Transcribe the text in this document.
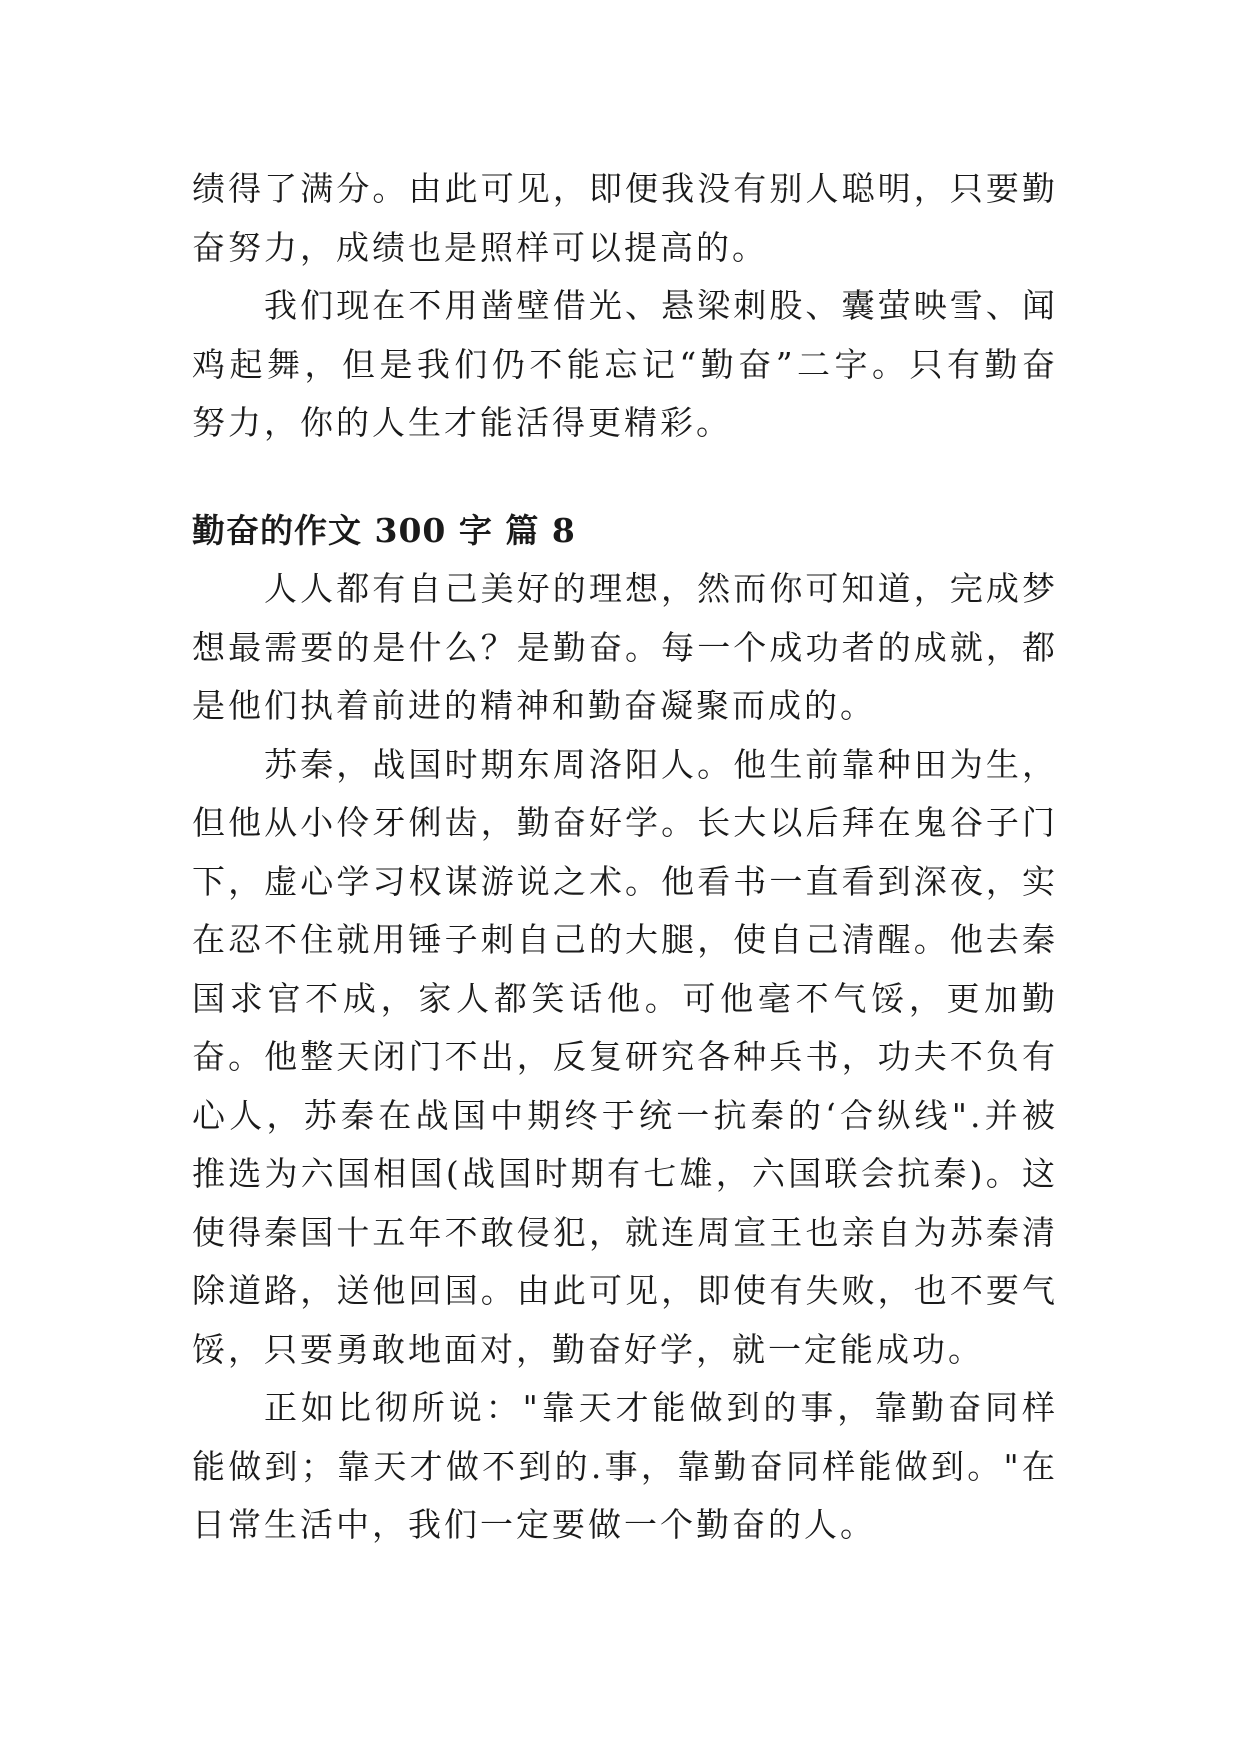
绩得了满分。由此可见，即便我没有别人聪明，只要勤奋努力，成绩也是照样可以提高的。

我们现在不用凿壁借光、悬梁刺股、囊萤映雪、闻鸡起舞，但是我们仍不能忘记“勤奋”二字。只有勤奋努力，你的人生才能活得更精彩。

勤奋的作文 300 字 篇 8

人人都有自己美好的理想，然而你可知道，完成梦想最需要的是什么？是勤奋。每一个成功者的成就，都是他们执着前进的精神和勤奋凝聚而成的。

苏秦，战国时期东周洛阳人。他生前靠种田为生，但他从小伶牙俐齿，勤奋好学。长大以后拜在鬼谷子门下，虚心学习权谋游说之术。他看书一直看到深夜，实在忍不住就用锤子刺自己的大腿，使自己清醒。他去秦国求官不成，家人都笑话他。可他毫不气馁，更加勤奋。他整天闭门不出，反复研究各种兵书，功夫不负有心人，苏秦在战国中期终于统一抗秦的‘合纵线".并被推选为六国相国(战国时期有七雄，六国联会抗秦)。这使得秦国十五年不敢侵犯，就连周宣王也亲自为苏秦清除道路，送他回国。由此可见，即使有失败，也不要气馁，只要勇敢地面对，勤奋好学，就一定能成功。

正如比彻所说："靠天才能做到的事，靠勤奋同样能做到；靠天才做不到的.事，靠勤奋同样能做到。"在日常生活中，我们一定要做一个勤奋的人。
